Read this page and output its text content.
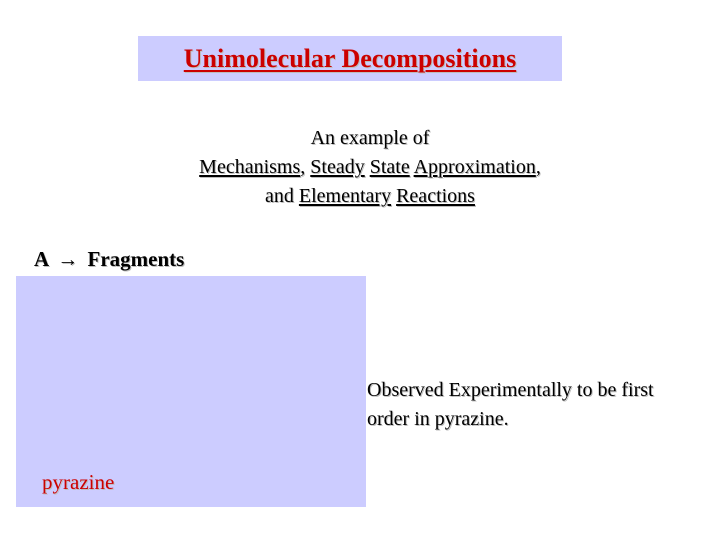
Unimolecular Decompositions
An example of
Mechanisms, Steady State Approximation,
and Elementary Reactions
A → Fragments
pyrazine
Observed Experimentally to be first order in pyrazine.
